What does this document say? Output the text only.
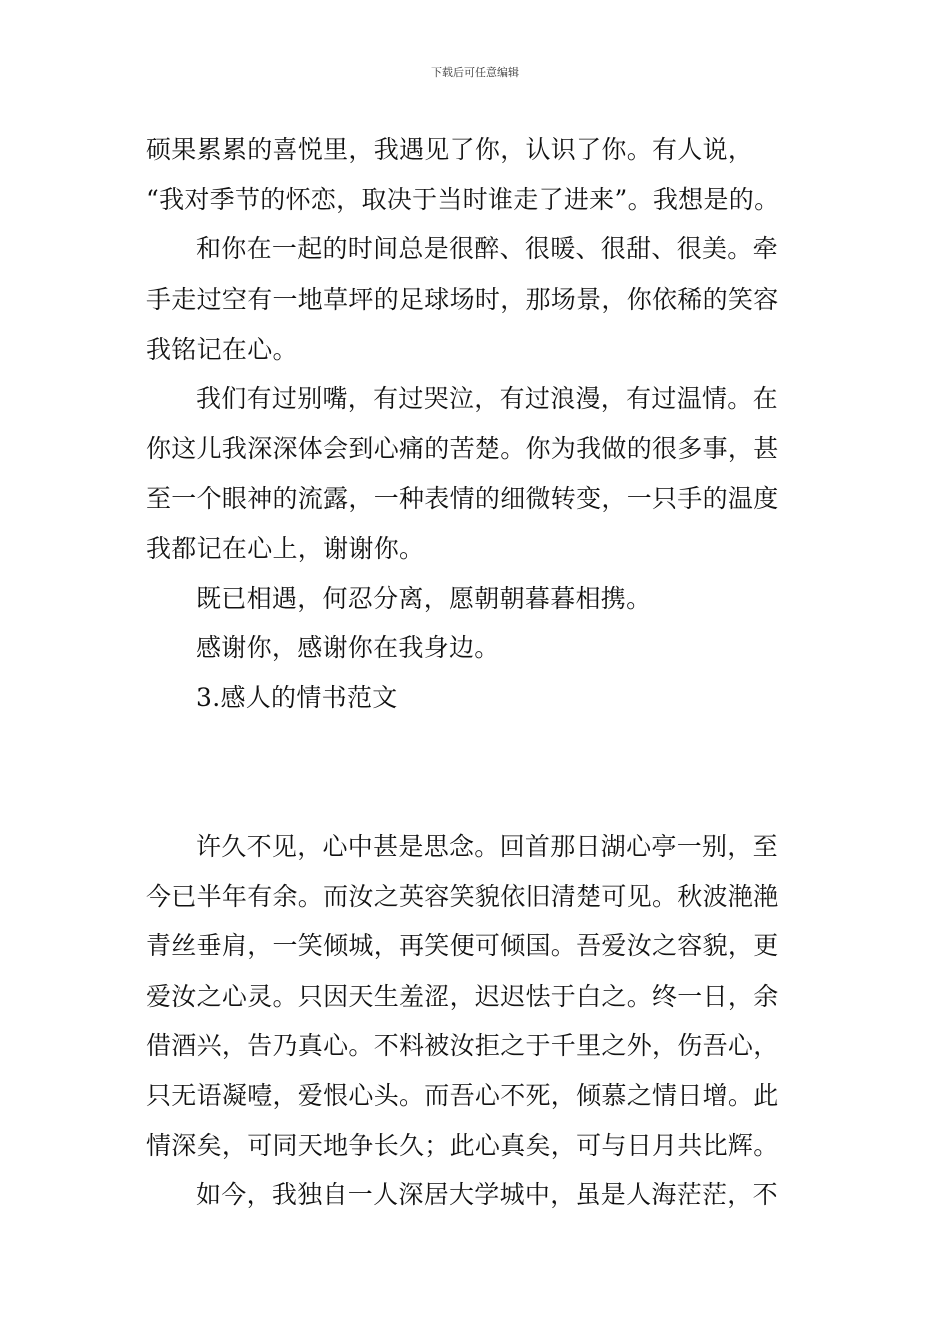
下载后可任意编辑
硕果累累的喜悦里，我遇见了你，认识了你。有人说，
“我对季节的怀恋，取决于当时谁走了进来”。我想是的。
和你在一起的时间总是很醉、很暖、很甜、很美。牵
手走过空有一地草坪的足球场时，那场景，你依稀的笑容
我铭记在心。
我们有过别嘴，有过哭泣，有过浪漫，有过温情。在
你这儿我深深体会到心痛的苦楚。你为我做的很多事，甚
至一个眼神的流露，一种表情的细微转变，一只手的温度
我都记在心上，谢谢你。
既已相遇，何忍分离，愿朝朝暮暮相携。
感谢你，感谢你在我身边。
3.感人的情书范文
许久不见，心中甚是思念。回首那日湖心亭一别，至
今已半年有余。而汝之英容笑貌依旧清楚可见。秋波滟滟
青丝垂肩，一笑倾城，再笑便可倾国。吾爱汝之容貌，更
爱汝之心灵。只因天生羞涩，迟迟怯于白之。终一日，余
借酒兴，告乃真心。不料被汝拒之于千里之外，伤吾心，
只无语凝噎，爱恨心头。而吾心不死，倾慕之情日增。此
情深矣，可同天地争长久；此心真矣，可与日月共比辉。
如今，我独自一人深居大学城中，虽是人海茫茫，不
